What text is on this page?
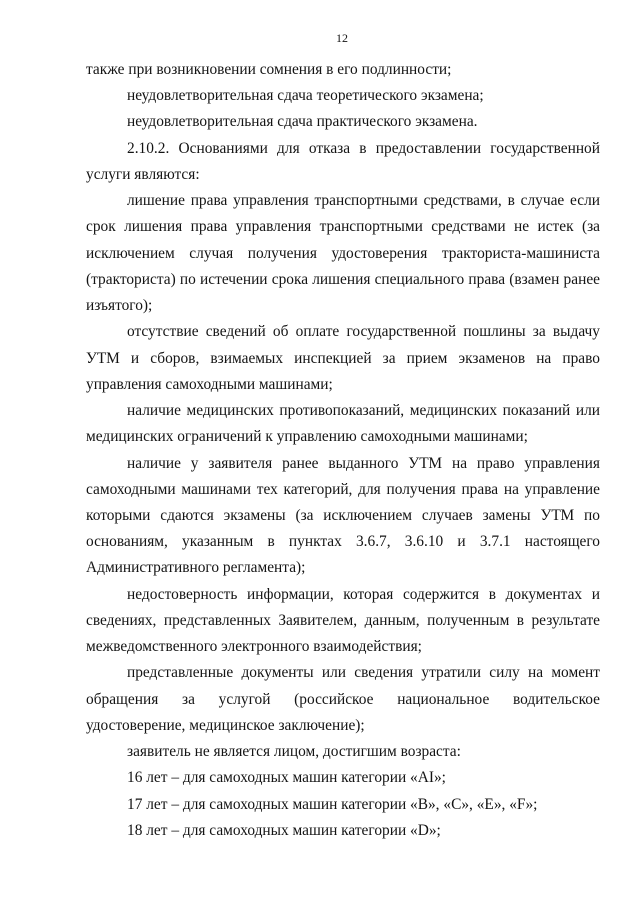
12
также при возникновении сомнения в его подлинности;
неудовлетворительная сдача теоретического экзамена;
неудовлетворительная сдача практического экзамена.
2.10.2. Основаниями для отказа в предоставлении государственной
услуги являются:
лишение права управления транспортными средствами, в случае если
срок лишения права управления транспортными средствами не истек (за
исключением случая получения удостоверения тракториста-машиниста
(тракториста) по истечении срока лишения специального права (взамен ранее
изъятого);
отсутствие сведений об оплате государственной пошлины за выдачу
УТМ и сборов, взимаемых инспекцией за прием экзаменов на право
управления самоходными машинами;
наличие медицинских противопоказаний, медицинских показаний или
медицинских ограничений к управлению самоходными машинами;
наличие у заявителя ранее выданного УТМ на право управления
самоходными машинами тех категорий, для получения права на управление
которыми сдаются экзамены (за исключением случаев замены УТМ по
основаниям, указанным в пунктах 3.6.7, 3.6.10 и 3.7.1 настоящего
Административного регламента);
недостоверность информации, которая содержится в документах и
сведениях, представленных Заявителем, данным, полученным в результате
межведомственного электронного взаимодействия;
представленные документы или сведения утратили силу на момент
обращения за услугой (российское национальное водительское
удостоверение, медицинское заключение);
заявитель не является лицом, достигшим возраста:
16 лет – для самоходных машин категории «AI»;
17 лет – для самоходных машин категории «B», «C», «E», «F»;
18 лет – для самоходных машин категории «D»;
